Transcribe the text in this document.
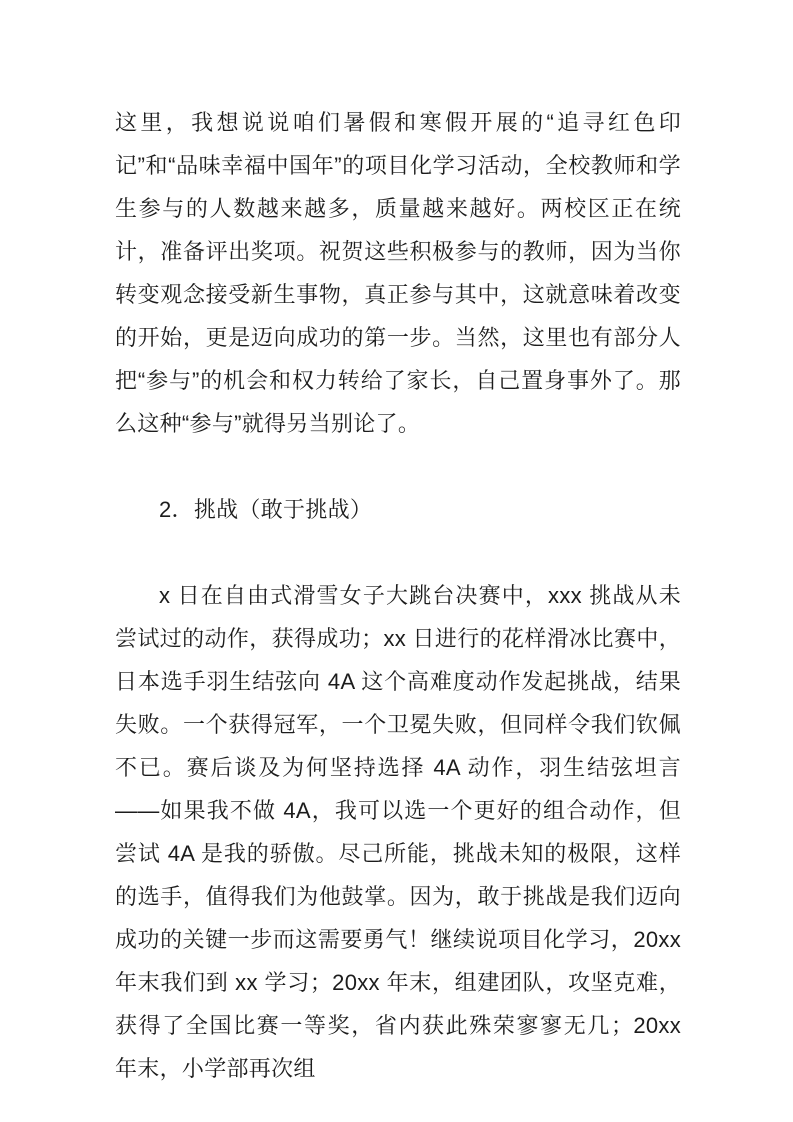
这里，我想说说咱们暑假和寒假开展的“追寻红色印记”和“品味幸福中国年”的项目化学习活动，全校教师和学生参与的人数越来越多，质量越来越好。两校区正在统计，准备评出奖项。祝贺这些积极参与的教师，因为当你转变观念接受新生事物，真正参与其中，这就意味着改变的开始，更是迈向成功的第一步。当然，这里也有部分人把“参与”的机会和权力转给了家长，自己置身事外了。那么这种“参与”就得另当别论了。

2．挑战（敢于挑战）

x 日在自由式滑雪女子大跳台决赛中，xxx 挑战从未尝试过的动作，获得成功；xx 日进行的花样滑冰比赛中，日本选手羽生结弦向 4A 这个高难度动作发起挑战，结果失败。一个获得冠军，一个卫冕失败，但同样令我们钦佩不已。赛后谈及为何坚持选择 4A 动作，羽生结弦坦言——如果我不做 4A，我可以选一个更好的组合动作，但尝试 4A 是我的骄傲。尽己所能，挑战未知的极限，这样的选手，值得我们为他鼓掌。因为，敢于挑战是我们迈向成功的关键一步而这需要勇气！继续说项目化学习，20xx 年末我们到 xx 学习；20xx 年末，组建团队，攻坚克难，获得了全国比赛一等奖，省内获此殊荣寥寥无几；20xx 年末，小学部再次组
